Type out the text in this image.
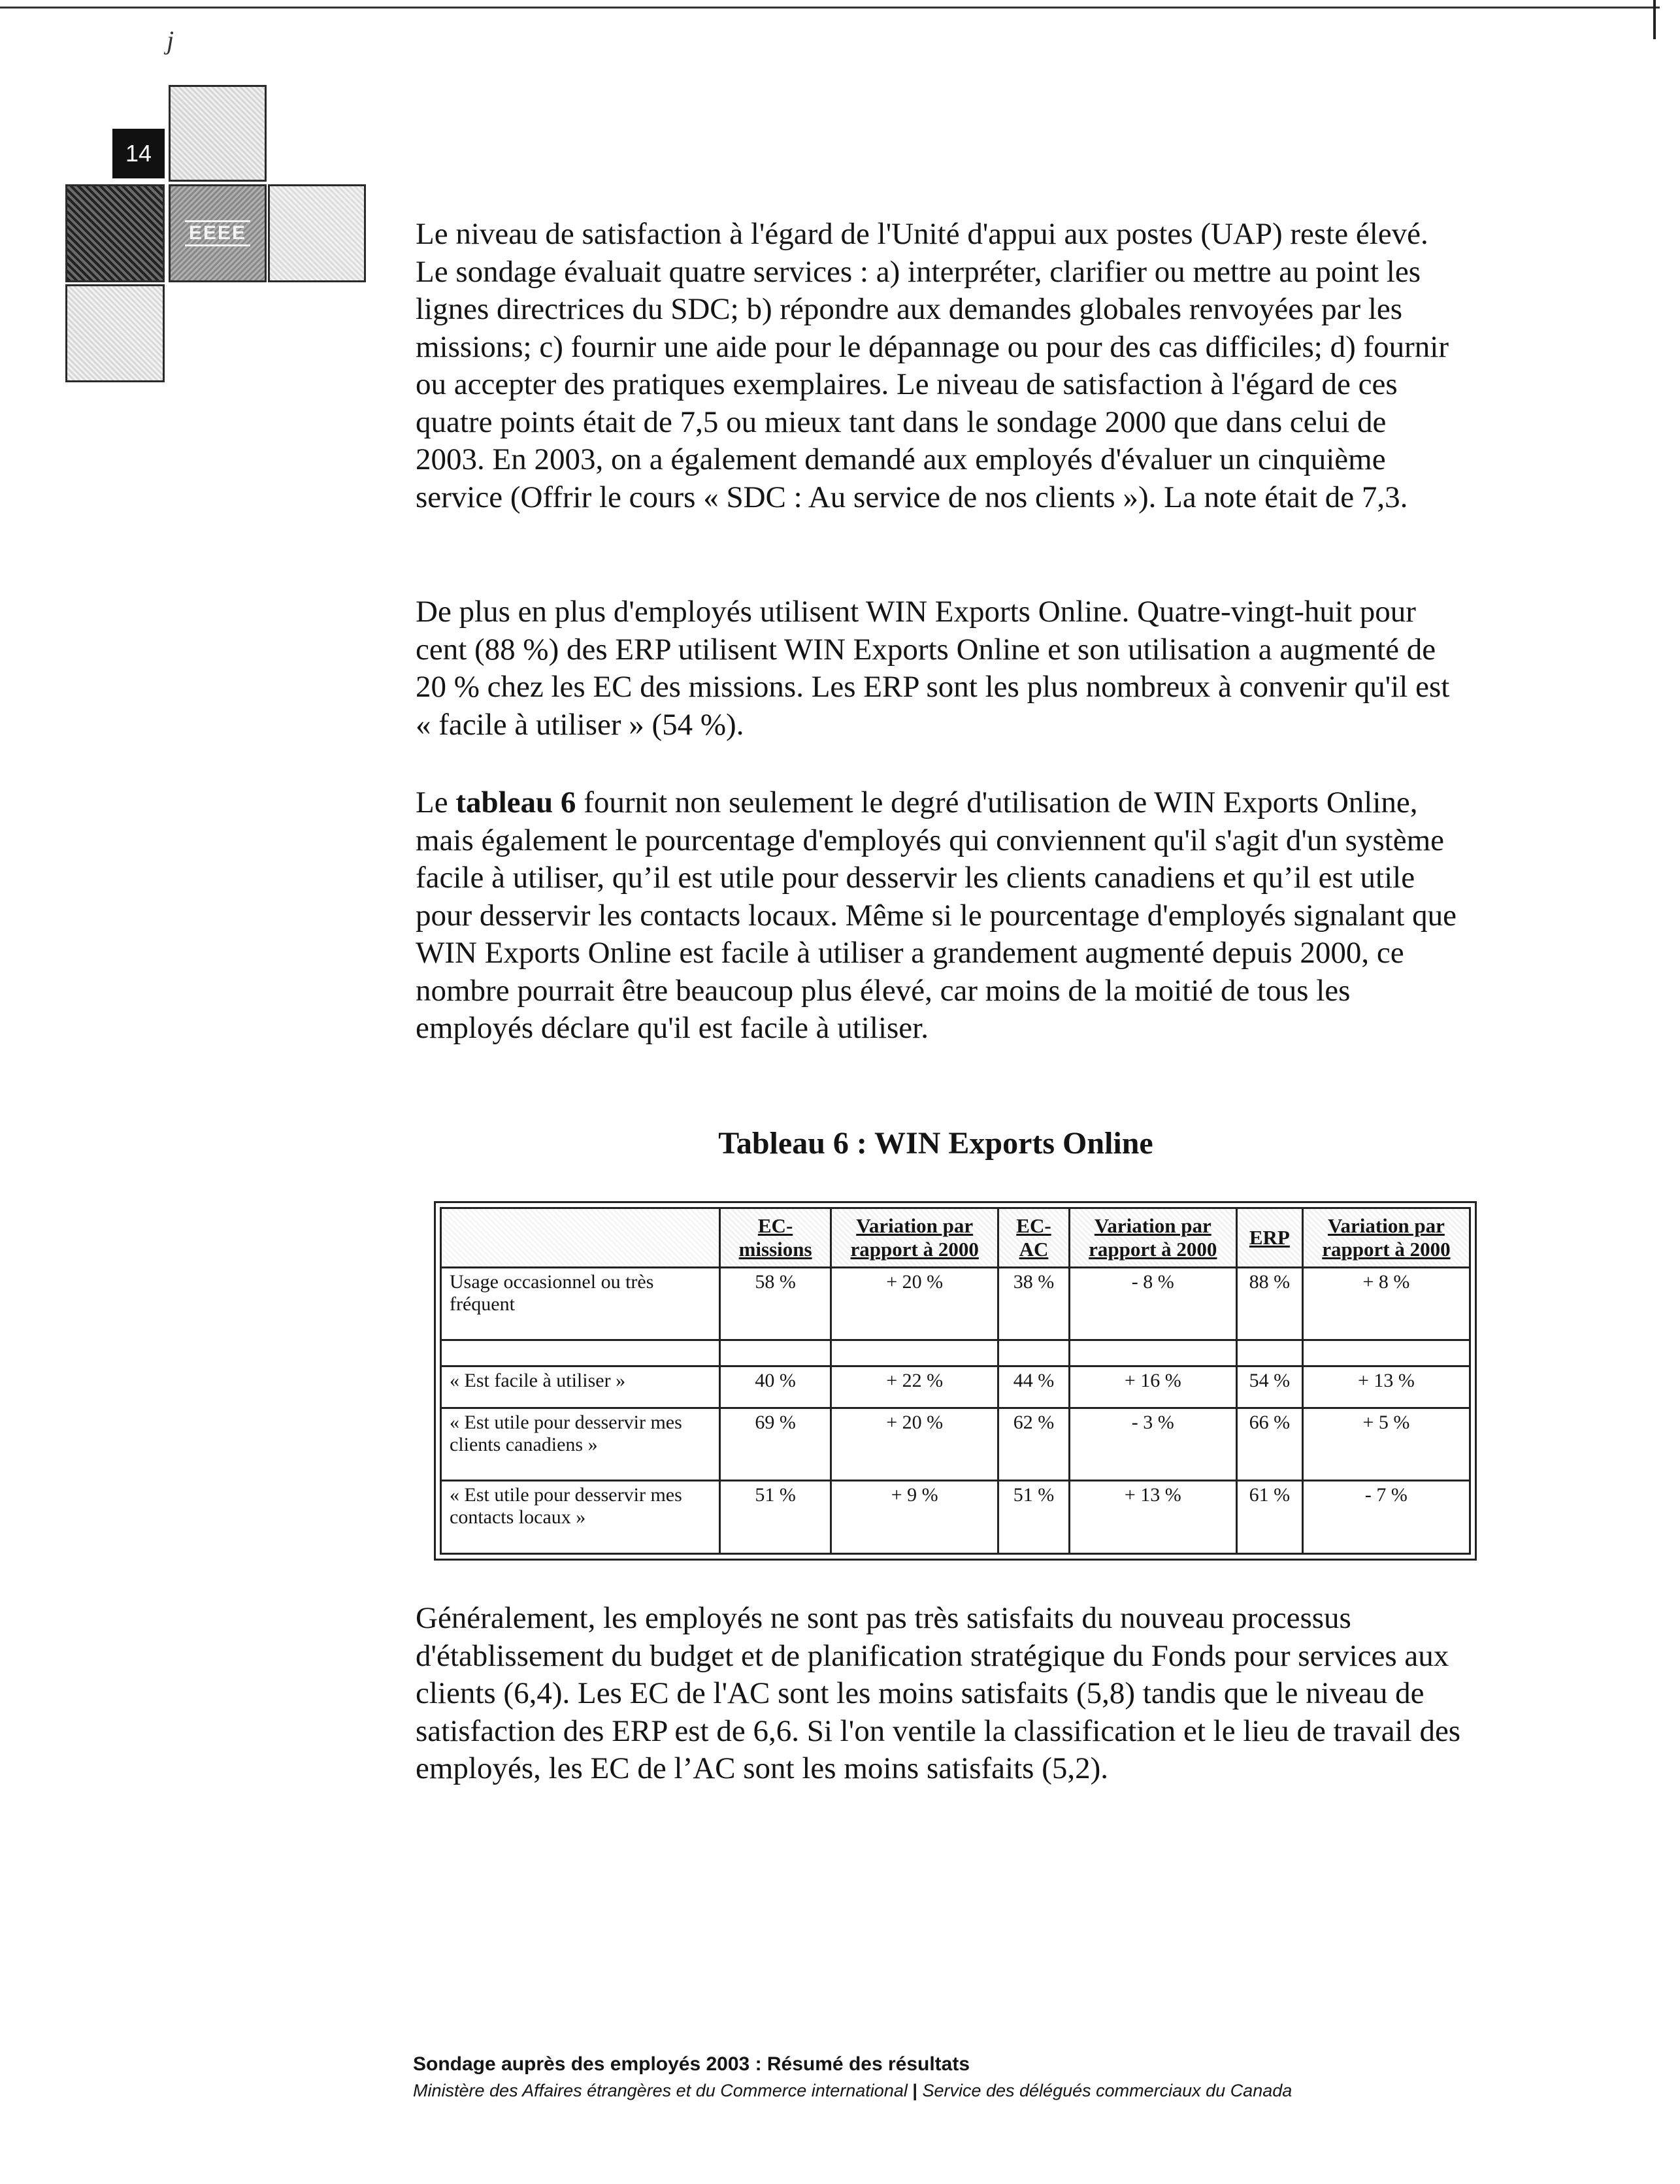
j
14
EEEE	Le niveau de satisfaction à l'égard de l'Unité d'appui aux postes (UAP) reste élevé. Le sondage évaluait quatre services : a) interpréter, clarifier ou mettre au point les lignes directrices du SDC; b) répondre aux demandes globales renvoyées par les missions; c) fournir une aide pour le dépannage ou pour des cas difficiles; d) fournir ou accepter des pratiques exemplaires. Le niveau de satisfaction à l'égard de ces quatre points était de 7,5 ou mieux tant dans le sondage 2000 que dans celui de 2003. En 2003, on a également demandé aux employés d'évaluer un cinquième service (Offrir le cours « SDC : Au service de nos clients »). La note était de 7,3.

De plus en plus d'employés utilisent WIN Exports Online. Quatre-vingt-huit pour cent (88 %) des ERP utilisent WIN Exports Online et son utilisation a augmenté de 20 % chez les EC des missions. Les ERP sont les plus nombreux à convenir qu'il est « facile à utiliser » (54 %).

Le tableau 6 fournit non seulement le degré d'utilisation de WIN Exports Online, mais également le pourcentage d'employés qui conviennent qu'il s'agit d'un système facile à utiliser, qu’il est utile pour desservir les clients canadiens et qu’il est utile pour desservir les contacts locaux. Même si le pourcentage d'employés signalant que WIN Exports Online est facile à utiliser a grandement augmenté depuis 2000, ce nombre pourrait être beaucoup plus élevé, car moins de la moitié de tous les employés déclare qu'il est facile à utiliser.

Tableau 6 : WIN Exports Online
	EC-missions	Variation par rapport à 2000	EC-AC	Variation par rapport à 2000	ERP	Variation par rapport à 2000
Usage occasionnel ou très fréquent	58 %	+ 20 %	38 %	- 8 %	88 %	+ 8 %

« Est facile à utiliser »	40 %	+ 22 %	44 %	+ 16 %	54 %	+ 13 %
« Est utile pour desservir mes clients canadiens »	69 %	+ 20 %	62 %	- 3 %	66 %	+ 5 %
« Est utile pour desservir mes contacts locaux »	51 %	+ 9 %	51 %	+ 13 %	61 %	- 7 %

Généralement, les employés ne sont pas très satisfaits du nouveau processus d'établissement du budget et de planification stratégique du Fonds pour services aux clients (6,4). Les EC de l'AC sont les moins satisfaits (5,8) tandis que le niveau de satisfaction des ERP est de 6,6. Si l'on ventile la classification et le lieu de travail des employés, les EC de l’AC sont les moins satisfaits (5,2).

Sondage auprès des employés 2003 : Résumé des résultats

Ministère des Affaires étrangères et du Commerce international | Service des délégués commerciaux du Canada
